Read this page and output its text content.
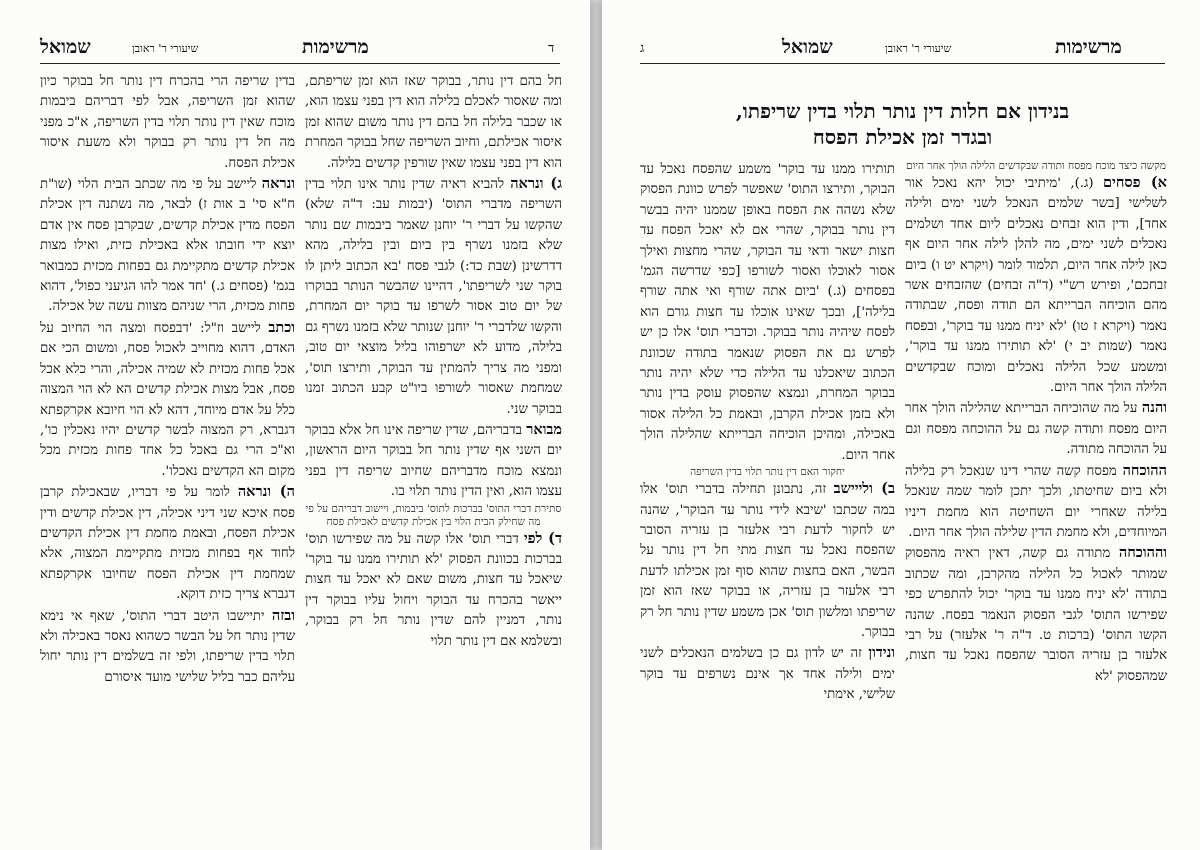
שמואל	שיעורי ר' ראובן	מרשימות	ד

חל בהם דין נותר, בבוקר שאז הוא זמן שריפתם, ומה שאסור לאכלם בלילה הוא דין בפני עצמו הוא, או שכבר בלילה חל בהם דין נותר משום שהוא זמן איסור אכילתם, וחיוב השריפה שחל בבוקר המחרת הוא דין בפני עצמו שאין שורפין קדשים בלילה.

ג) ונראה להביא ראיה שדין נותר אינו תלוי בדין השריפה מדברי התוס' (יבמות עב: ד"ה שלא) שהקשו על דברי ר' יוחנן שאמר ביבמות שם נותר שלא בזמנו נשרף בין ביום ובין בלילה, מהא דדרשינן (שבת כד:) לגבי פסח 'בא הכתוב ליתן לו בוקר שני לשריפתו', דהיינו שהבשר הנותר בבוקרו של יום טוב אסור לשרפו עד בוקר יום המחרת, והקשו שלדברי ר' יוחנן שנותר שלא בזמנו נשרף גם בלילה, מדוע לא ישרפוהו בליל מוצאי יום טוב, ומפני מה צריך להמתין עד הבוקר, ותירצו תוס', שמחמת שאסור לשורפו ביו"ט קבע הכתוב זמנו בבוקר שני.

מבואר בדבריהם, שדין שריפה אינו חל אלא בבוקר יום השני אף שדין נותר חל בבוקר היום הראשון, ונמצא מוכח מדבריהם שחיוב שריפה דין בפני עצמו הוא, ואין הדין נותר תלוי בו.

סתירת דברי התוס' בברכות לתוס' ביבמות, ויישוב דבריהם על פי מה שחילק הבית הלוי בין אכילת קדשים לאכילת פסח

ד) לפי דברי תוס' אלו קשה על מה שפירשו תוס' בברכות בכוונת הפסוק 'לא תותירו ממנו עד בוקר' שיאכל עד חצות, משום שאם לא יאכל עד חצות ייאשר בהכרח עד הבוקר ויחול עליו בבוקר דין נותר, דמניין להם שדין נותר חל רק בבוקר, ובשלמא אם דין נותר תלוי

בדין שריפה הרי בהכרח דין נותר חל בבוקר כיון שהוא זמן השריפה, אבל לפי דבריהם ביבמות מוכח שאין דין נותר תלוי בדין השריפה, א"כ מפני מה חל דין נותר רק בבוקר ולא משעת איסור אכילת הפסח.

ונראה ליישב על פי מה שכתב הבית הלוי (שו"ת ח"א סי' ב אות ז) לבאר, מה נשתנה דין אכילת הפסח מדין אכילת קדשים, שבקרבן פסח אין אדם יוצא ידי חובתו אלא באכילת כזית, ואילו מצות אכילת קדשים מתקיימת גם בפחות מכזית כמבואר בגמ' (פסחים ג.) 'חד אמר להו הגיעני כפול', דהוא פחות מכזית, הרי שניהם מצוות עשה של אכילה.

וכתב ליישב וז"ל: 'דבפסח ומצה הוי החיוב על האדם, דהוא מחוייב לאכול פסח, ומשום הכי אם אכל פחות מכזית לא שמיה אכילה, והרי כלא אכל פסח, אבל מצות אכילת קדשים הא לא הוי המצוה כלל על אדם מיוחד, דהא לא הוי חיובא אקרקפתא דגברא, רק המצוה לבשר קדשים יהיו נאכלין כו', וא"כ הרי גם באכל כל אחד פחות מכזית מכל מקום הא הקדשים נאכלו'.

ה) ונראה לומר על פי דבריו, שבאכילת קרבן פסח איכא שני דיני אכילה, דין אכילת קדשים ודין אכילת הפסח, ובאמת מחמת דין אכילת הקדשים לחוד אף בפחות מכזית מתקיימת המצוה, אלא שמחמת דין אכילת הפסח שחיובו אקרקפתא דגברא צריך כזית דוקא.

ובזה יתיישבו היטב דברי התוס', שאף אי נימא שדין נותר חל על הבשר כשהוא נאסר באכילה ולא תלוי בדין שריפתו, ולפי זה בשלמים דין נותר יחול עליהם כבר בליל שלישי מועד איסורם

ג	שמואל	שיעורי ר' ראובן	מרשימות
בנידון אם חלות דין נותר תלוי בדין שריפתו,
ובגדר זמן אכילת הפסח

מקשה כיצד מוכח מפסח ותודה שבקדשים הלילה הולך אחר היום

א) פסחים (ג.), 'מיתיבי יכול יהא נאכל אור לשלישי [בשר שלמים הנאכל לשני ימים ולילה אחד], ודין הוא זבחים נאכלים ליום אחד ושלמים נאכלים לשני ימים, מה להלן לילה אחר היום אף כאן לילה אחר היום, תלמוד לומר (ויקרא יט ו) ביום זבחכם', ופירש רש"י (ד"ה זבחים) שהזבחים אשר מהם הוכיחה הברייתא הם תודה ופסח, שבתודה נאמר (ויקרא ז טו) 'לא יניח ממנו עד בוקר', ובפסח נאמר (שמות יב י) 'לא תותירו ממנו עד בוקר', ומשמע שכל הלילה נאכלים ומוכח שבקדשים הלילה הולך אחר היום.

והנה על מה שהוכיחה הברייתא שהלילה הולך אחר היום מפסח ותודה קשה גם על ההוכחה מפסח וגם על ההוכחה מתודה.

ההוכחה מפסח קשה שהרי דינו שנאכל רק בלילה ולא ביום שחיטתו, ולכך יתכן לומר שמה שנאכל בלילה שאחרי יום השחיטה הוא מחמת דיניו המיוחדים, ולא מחמת הדין שלילה הולך אחר היום.

וההוכחה מתודה גם קשה, דאין ראיה מהפסוק שמותר לאכול כל הלילה מהקרבן, ומה שכתוב בתודה 'לא יניח ממנו עד בוקר' יכול להתפרש כפי שפירשו התוס' לגבי הפסוק הנאמר בפסח. שהנה הקשו התוס' (ברכות ט. ד"ה ר' אלעזר) על רבי אלעזר בן עזריה הסובר שהפסח נאכל עד חצות, שמהפסוק 'לא

תותירו ממנו עד בוקר' משמע שהפסח נאכל עד הבוקר, ותירצו התוס' שאפשר לפרש כוונת הפסוק שלא נשהה את הפסח באופן שממנו יהיה בבשר דין נותר בבוקר, שהרי אם לא יאכל הפסח עד חצות ישאר ודאי עד הבוקר, שהרי מחצות ואילך אסור לאוכלו ואסור לשורפו [כפי שדרשה הגמ' בפסחים (ג.) 'ביום אתה שורף ואי אתה שורף בלילה'], ובכך שאינו אוכלו עד חצות גורם הוא לפסח שיהיה נותר בבוקר. וכדברי תוס' אלו כן יש לפרש גם את הפסוק שנאמר בתודה שכוונת הכתוב שיאכלנו עד הלילה כדי שלא יהיה נותר בבוקר המחרת, ונמצא שהפסוק עוסק בדין נותר ולא בזמן אכילת הקרבן, ובאמת כל הלילה אסור באכילה, ומהיכן הוכיחה הברייתא שהלילה הולך אחר היום.

יחקור האם דין נותר תלוי בדין השריפה

ב) ולייישב זה, נתבונן תחילה בדברי תוס' אלו במה שכתבו 'שיבא לידי נותר עד הבוקר', שהנה יש לחקור לדעת רבי אלעזר בן עזריה הסובר שהפסח נאכל עד חצות מתי חל דין נותר על הבשר, האם בחצות שהוא סוף זמן אכילתו לדעת רבי אלעזר בן עזריה, או בבוקר שאז הוא זמן שריפתו ומלשון תוס' אכן משמע שדין נותר חל רק בבוקר.

ונידון זה יש לדון גם כן בשלמים הנאכלים לשני ימים ולילה אחד אך אינם נשרפים עד בוקר שלישי, אימתי
